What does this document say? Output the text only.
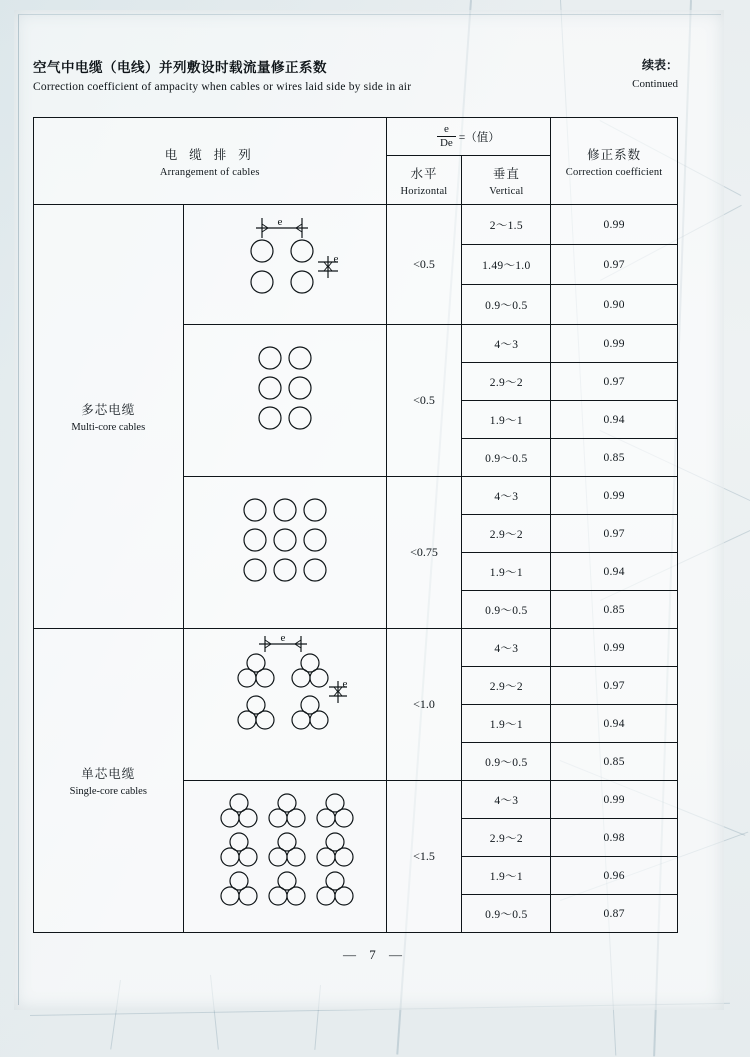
空气中电缆（电线）并列敷设时载流量修正系数
Correction coefficient of ampacity when cables or wires laid side by side in air
续表：
Continued
电 缆 排 列
Arrangement of cables

$\frac{e}{De}$ =（值）

修正系数
Correction coefficient

水平
Horizontal

垂直
Vertical

多芯电缆
Multi-core cables

e
e	<0.5	2～1.5	0.99
			1.49～1.0	0.97
			0.9～0.5	0.90

	<0.5	4～3	0.99
			2.9～2	0.97
			1.9～1	0.94
			0.9～0.5	0.85

	<0.75	4～3	0.99
			2.9～2	0.97
			1.9～1	0.94
			0.9～0.5	0.85

单芯电缆
Single-core cables

e
e
	<1.0	4～3	0.99
			2.9～2	0.97
			1.9～1	0.94
			0.9～0.5	0.85

	<1.5	4～3	0.99
			2.9～2	0.98
			1.9～1	0.96
			0.9～0.5	0.87
— 7 —
